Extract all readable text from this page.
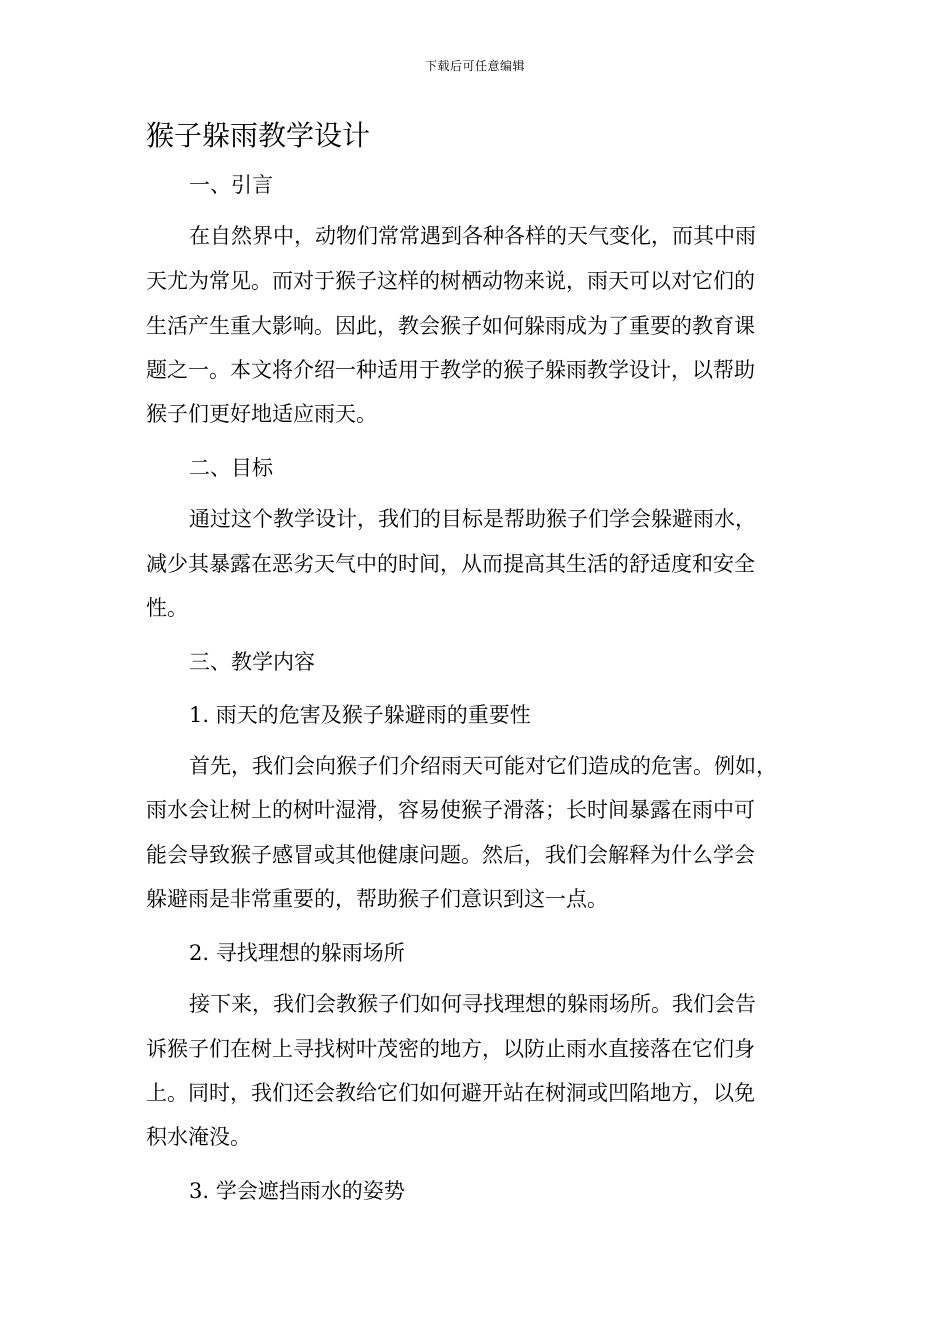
下载后可任意编辑
猴子躲雨教学设计
一、引言
在自然界中，动物们常常遇到各种各样的天气变化，而其中雨
天尤为常见。而对于猴子这样的树栖动物来说，雨天可以对它们的
生活产生重大影响。因此，教会猴子如何躲雨成为了重要的教育课
题之一。本文将介绍一种适用于教学的猴子躲雨教学设计，以帮助
猴子们更好地适应雨天。
二、目标
通过这个教学设计，我们的目标是帮助猴子们学会躲避雨水，
减少其暴露在恶劣天气中的时间，从而提高其生活的舒适度和安全
性。
三、教学内容
1. 雨天的危害及猴子躲避雨的重要性
首先，我们会向猴子们介绍雨天可能对它们造成的危害。例如，
雨水会让树上的树叶湿滑，容易使猴子滑落；长时间暴露在雨中可
能会导致猴子感冒或其他健康问题。然后，我们会解释为什么学会
躲避雨是非常重要的，帮助猴子们意识到这一点。
2. 寻找理想的躲雨场所
接下来，我们会教猴子们如何寻找理想的躲雨场所。我们会告
诉猴子们在树上寻找树叶茂密的地方，以防止雨水直接落在它们身
上。同时，我们还会教给它们如何避开站在树洞或凹陷地方，以免
积水淹没。
3. 学会遮挡雨水的姿势
